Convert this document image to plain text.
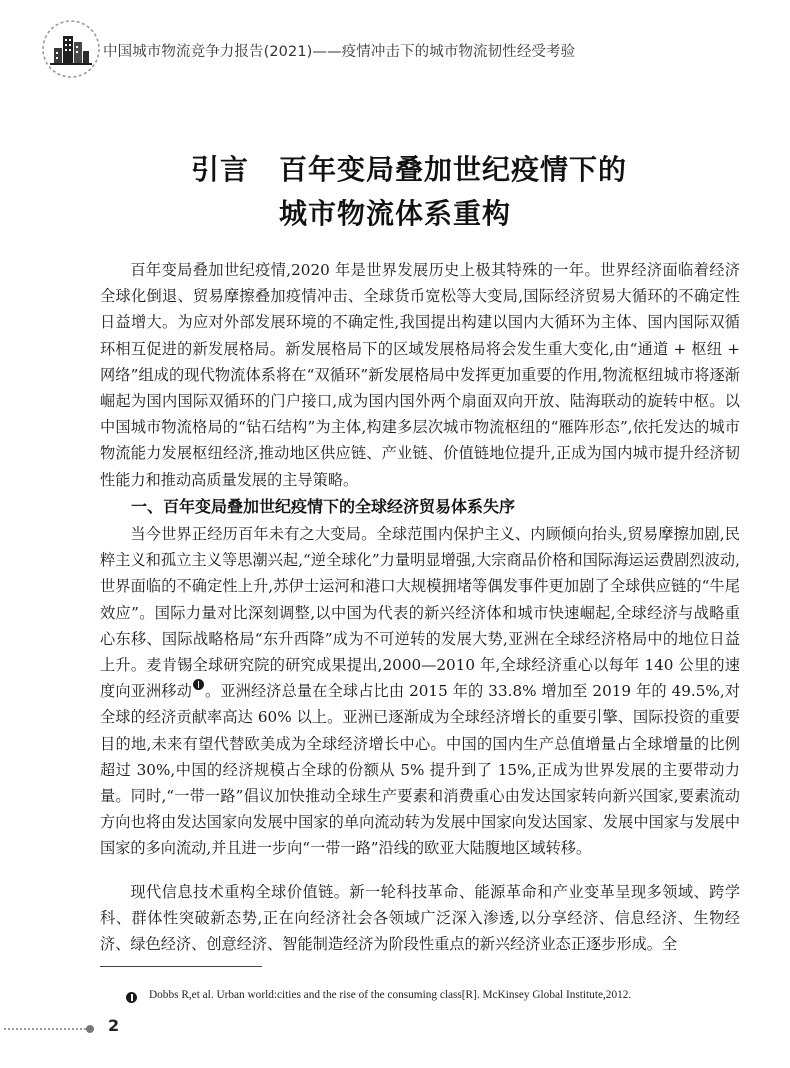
中国城市物流竞争力报告(2021)——疫情冲击下的城市物流韧性经受考验
引言 百年变局叠加世纪疫情下的
城市物流体系重构
百年变局叠加世纪疫情,2020 年是世界发展历史上极其特殊的一年。世界经济面临着经济全球化倒退、贸易摩擦叠加疫情冲击、全球货币宽松等大变局,国际经济贸易大循环的不确定性日益增大。为应对外部发展环境的不确定性,我国提出构建以国内大循环为主体、国内国际双循环相互促进的新发展格局。新发展格局下的区域发展格局将会发生重大变化,由“通道 + 枢纽 + 网络”组成的现代物流体系将在“双循环”新发展格局中发挥更加重要的作用,物流枢纽城市将逐渐崛起为国内国际双循环的门户接口,成为国内国外两个扇面双向开放、陆海联动的旋转中枢。以中国城市物流格局的“钻石结构”为主体,构建多层次城市物流枢纽的“雁阵形态”,依托发达的城市物流能力发展枢纽经济,推动地区供应链、产业链、价值链地位提升,正成为国内城市提升经济韧性能力和推动高质量发展的主导策略。
一、百年变局叠加世纪疫情下的全球经济贸易体系失序
当今世界正经历百年未有之大变局。全球范围内保护主义、内顾倾向抬头,贸易摩擦加剧,民粹主义和孤立主义等思潮兴起,“逆全球化”力量明显增强,大宗商品价格和国际海运运费剧烈波动,世界面临的不确定性上升,苏伊士运河和港口大规模拥堵等偶发事件更加剧了全球供应链的“牛尾效应”。国际力量对比深刻调整,以中国为代表的新兴经济体和城市快速崛起,全球经济与战略重心东移、国际战略格局“东升西降”成为不可逆转的发展大势,亚洲在全球经济格局中的地位日益上升。麦肯锡全球研究院的研究成果提出,2000—2010 年,全球经济重心以每年 140 公里的速度向亚洲移动 。亚洲经济总量在全球占比由 2015 年的 33.8% 增加至 2019 年的 49.5%,对全球的经济贡献率高达 60% 以上。亚洲已逐渐成为全球经济增长的重要引擎、国际投资的重要目的地,未来有望代替欧美成为全球经济增长中心。中国的国内生产总值增量占全球增量的比例超过 30%,中国的经济规模占全球的份额从 5% 提升到了 15%,正成为世界发展的主要带动力量。同时,“一带一路”倡议加快推动全球生产要素和消费重心由发达国家转向新兴国家,要素流动方向也将由发达国家向发展中国家的单向流动转为发展中国家向发达国家、发展中国家与发展中国家的多向流动,并且进一步向“一带一路”沿线的欧亚大陆腹地区域转移。
现代信息技术重构全球价值链。新一轮科技革命、能源革命和产业变革呈现多领域、跨学科、群体性突破新态势,正在向经济社会各领域广泛深入渗透,以分享经济、信息经济、生物经济、绿色经济、创意经济、智能制造经济为阶段性重点的新兴经济业态正逐步形成。全
Dobbs R,et al. Urban world:cities and the rise of the consuming class[R]. McKinsey Global Institute,2012.
2
